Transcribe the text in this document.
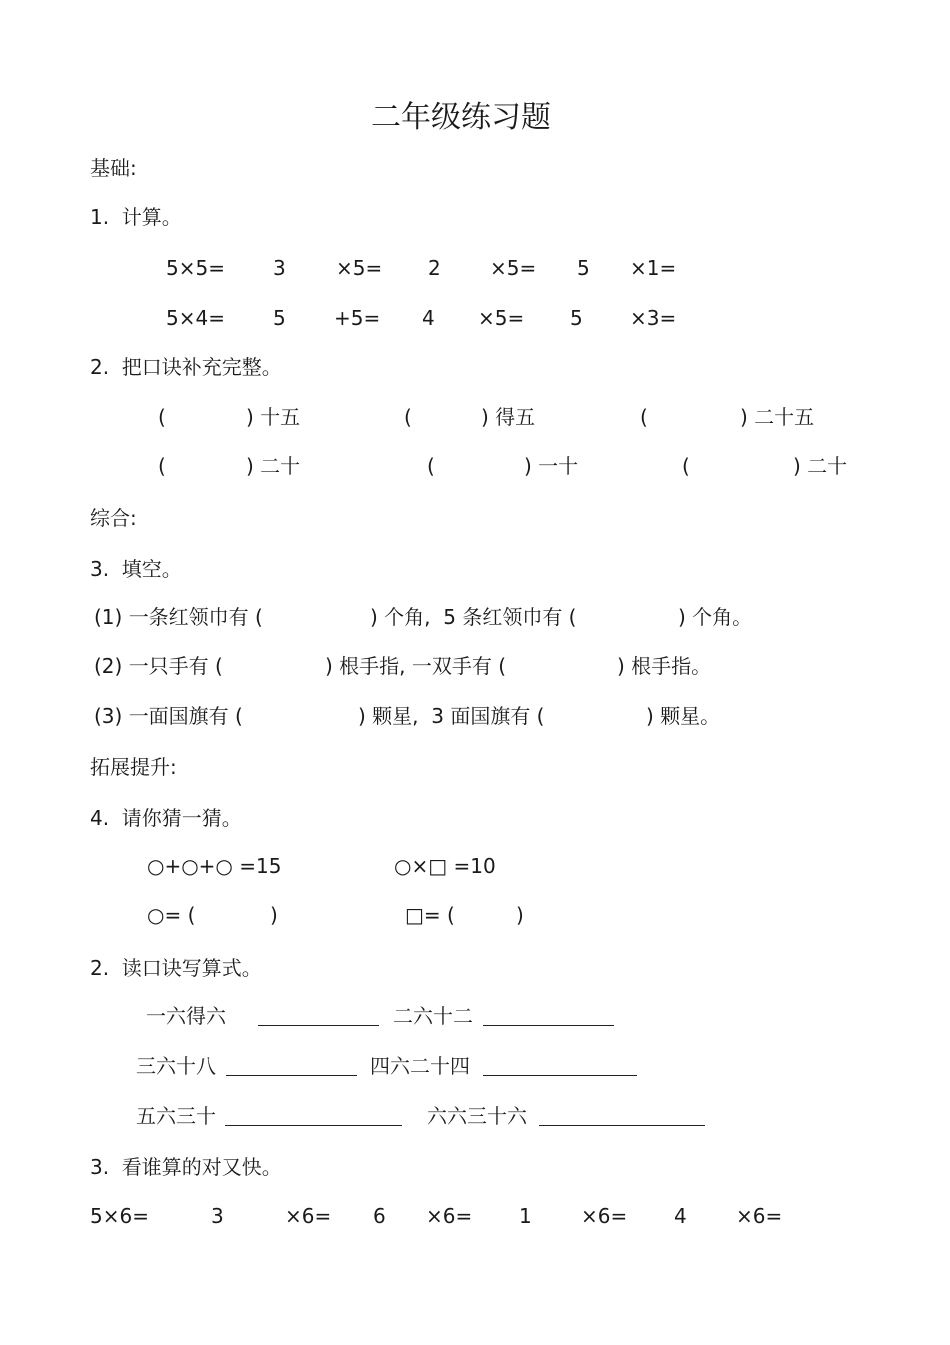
二年级练习题
基础:
1.  计算。
5×5= 3	×5= 2 ×5= 5 ×1=
5×4= 5 +5= 4 ×5= 5 ×3=
2.  把口诀补充完整。
(	) 十五	(	) 得五	(	) 二十五
(	) 二十	(	) 一十	(	) 二十
综合:
3.  填空。
(1) 一条红领巾有 (	) 个角,  5 条红领巾有 (	) 个角。
(2) 一只手有 (	) 根手指, 一双手有 (	) 根手指。
(3) 一面国旗有 (	) 颗星,  3 面国旗有 (	) 颗星。
拓展提升:
4.  请你猜一猜。
○+○+○ =15	○×□ =10
○= (	)	□= (	)
2.  读口诀写算式。
一六得六	二六十二
三六十八	四六二十四
五六三十	六六三十六
3.  看谁算的对又快。
5×6=	3	×6= 6 ×6= 1 ×6= 4 ×6=
